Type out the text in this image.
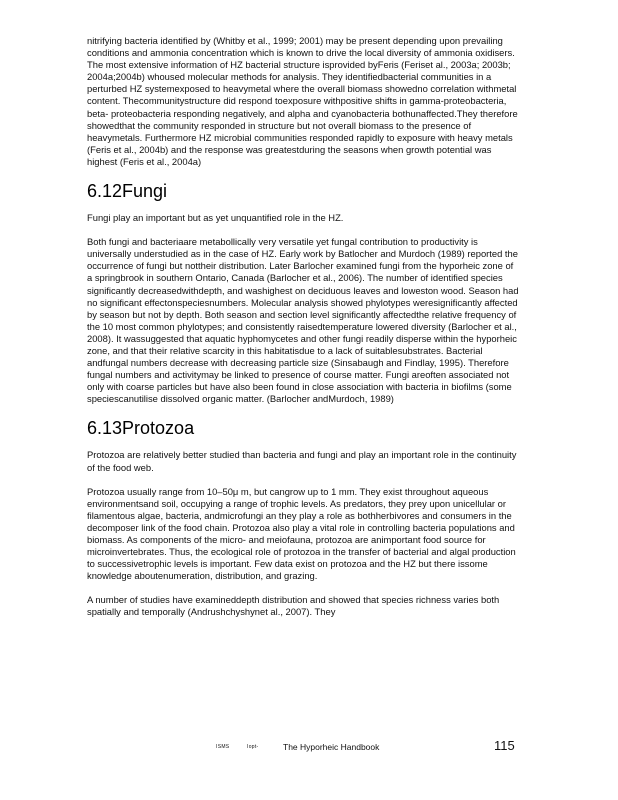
nitrifying bacteria identified by (Whitby et al., 1999; 2001) may be present depending upon prevailing conditions and ammonia concentration which is known to drive the local diversity of ammonia oxidisers. The most extensive information of HZ bacterial structure isprovided byFeris (Feriset al., 2003a; 2003b; 2004a;2004b) whoused molecular methods for analysis. They identifiedbacterial communities in a perturbed HZ systemexposed to heavymetal where the overall biomass showedno correlation withmetal content. Thecommunitystructure did respond toexposure withpositive shifts in gamma-proteobacteria, beta- proteobacteria responding negatively, and alpha and cyanobacteria bothunaffected.They therefore showedthat the community responded in structure but not overall biomass to the presence of heavymetals. Furthermore HZ microbial communities responded rapidly to exposure with heavy metals (Feris et al., 2004b) and the response was greatestduring the seasons when growth potential was highest (Feris et al., 2004a)

6.12Fungi

Fungi play an important but as yet unquantified role in the HZ.

Both fungi and bacteriaare metabollically very versatile yet fungal contribution to productivity is universally understudied as in the case of HZ. Early work by Batlocher and Murdoch (1989) reported the occurrence of fungi but nottheir distribution. Later Barlocher examined fungi from the hyporheic zone of a springbrook in southern Ontario, Canada (Barlocher et al., 2006). The number of identified species significantly decreasedwithdepth, and washighest on deciduous leaves and loweston wood. Season had no significant effectonspeciesnumbers. Molecular analysis showed phylotypes weresignificantly affected by season but not by depth. Both season and section level significantly affectedthe relative frequency of the 10 most common phylotypes; and consistently raisedtemperature lowered diversity (Barlocher et al., 2008). It wassuggested that aquatic hyphomycetes and other fungi readily disperse within the hyporheic zone, and that their relative scarcity in this habitatisdue to a lack of suitablesubstrates. Bacterial andfungal numbers decrease with decreasing particle size (Sinsabaugh and Findlay, 1995). Therefore fungal numbers and activitymay be linked to presence of course matter. Fungi areoften associated not only with coarse particles but have also been found in close association with bacteria in biofilms (some speciescanutilise dissolved organic matter. (Barlocher andMurdoch, 1989)

6.13Protozoa

Protozoa are relatively better studied than bacteria and fungi and play an important role in the continuity of the food web.

Protozoa usually range from 10–50μ m, but cangrow up to 1 mm. They exist throughout aqueous environmentsand soil, occupying a range of trophic levels. As predators, they prey upon unicellular or filamentous algae, bacteria, andmicrofungi an they play a role as bothherbivores and consumers in the decomposer link of the food chain. Protozoa also play a vital role in controlling bacteria populations and biomass. As components of the micro- and meiofauna, protozoa are animportant food source for microinvertebrates. Thus, the ecological role of protozoa in the transfer of bacterial and algal production to successivetrophic levels is important. Few data exist on protozoa and the HZ but there issome knowledge aboutenumeration, distribution, and grazing.

A number of studies have examineddepth distribution and showed that species richness varies both spatially and temporally (Andrushchyshynet al., 2007). They

ISMS	Iopt-	The Hyporheic Handbook	115
